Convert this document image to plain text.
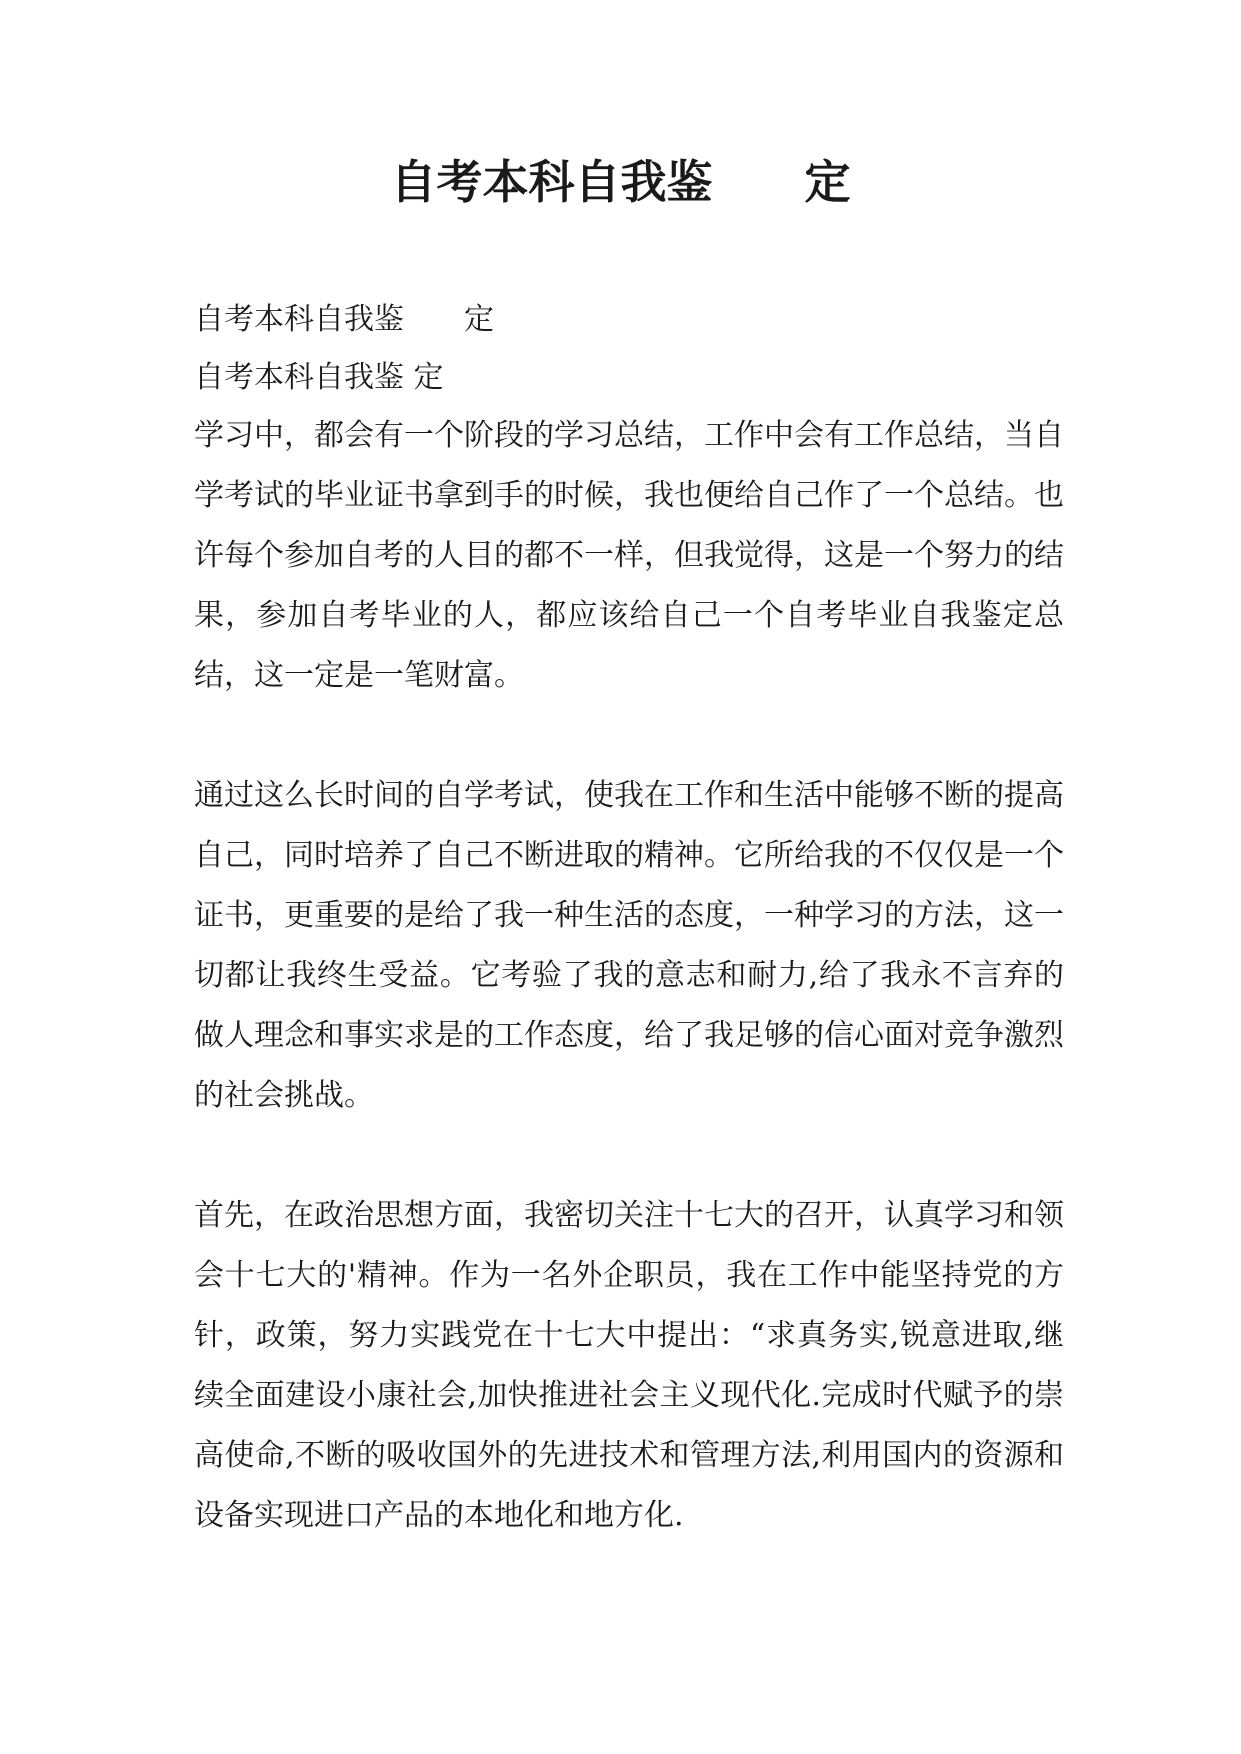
自考本科自我鉴　　定
自考本科自我鉴　　定
自考本科自我鉴 定
学习中，都会有一个阶段的学习总结，工作中会有工作总结，当自学考试的毕业证书拿到手的时候，我也便给自己作了一个总结。也许每个参加自考的人目的都不一样，但我觉得，这是一个努力的结果，参加自考毕业的人，都应该给自己一个自考毕业自我鉴定总结，这一定是一笔财富。
通过这么长时间的自学考试，使我在工作和生活中能够不断的提高自己，同时培养了自己不断进取的精神。它所给我的不仅仅是一个证书，更重要的是给了我一种生活的态度，一种学习的方法，这一切都让我终生受益。它考验了我的意志和耐力,给了我永不言弃的做人理念和事实求是的工作态度，给了我足够的信心面对竞争激烈的社会挑战。
首先，在政治思想方面，我密切关注十七大的召开，认真学习和领会十七大的'精神。作为一名外企职员，我在工作中能坚持党的方针，政策，努力实践党在十七大中提出：“求真务实,锐意进取,继续全面建设小康社会,加快推进社会主义现代化.完成时代赋予的崇高使命,不断的吸收国外的先进技术和管理方法,利用国内的资源和设备实现进口产品的本地化和地方化.
